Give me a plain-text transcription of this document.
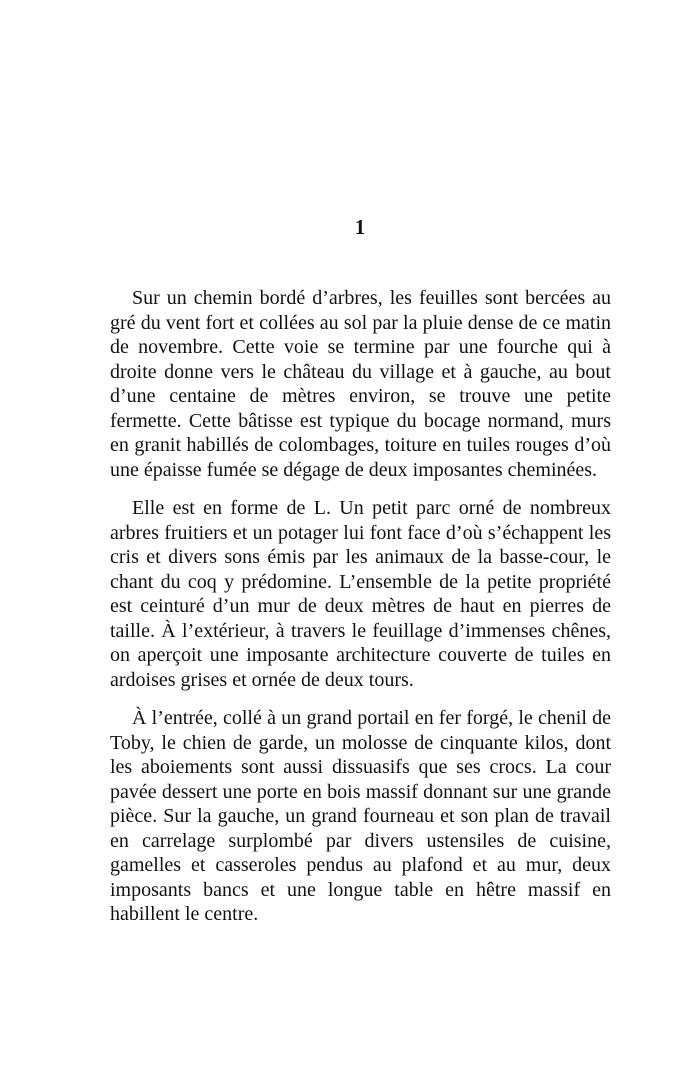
1

Sur un chemin bordé d’arbres, les feuilles sont bercées au gré du vent fort et collées au sol par la pluie dense de ce matin de novembre. Cette voie se termine par une fourche qui à droite donne vers le château du village et à gauche, au bout d’une centaine de mètres environ, se trouve une petite fermette. Cette bâtisse est typique du bocage normand, murs en granit habillés de colombages, toiture en tuiles rouges d’où une épaisse fumée se dégage de deux imposantes cheminées.

Elle est en forme de L. Un petit parc orné de nombreux arbres fruitiers et un potager lui font face d’où s’échappent les cris et divers sons émis par les animaux de la basse-cour, le chant du coq y prédomine. L’ensemble de la petite propriété est ceinturé d’un mur de deux mètres de haut en pierres de taille. À l’extérieur, à travers le feuillage d’immenses chênes, on aperçoit une imposante architecture couverte de tuiles en ardoises grises et ornée de deux tours.

À l’entrée, collé à un grand portail en fer forgé, le chenil de Toby, le chien de garde, un molosse de cinquante kilos, dont les aboiements sont aussi dissuasifs que ses crocs. La cour pavée dessert une porte en bois massif donnant sur une grande pièce. Sur la gauche, un grand fourneau et son plan de travail en carrelage surplombé par divers ustensiles de cuisine, gamelles et casseroles pendus au plafond et au mur, deux imposants bancs et une longue table en hêtre massif en habillent le centre.
